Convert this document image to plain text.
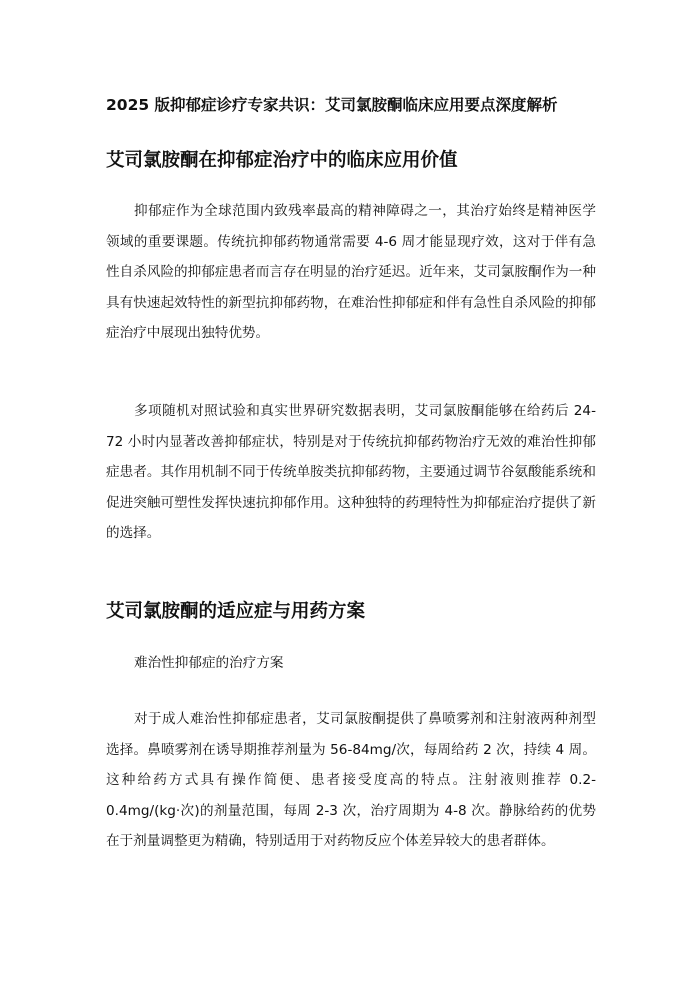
2025 版抑郁症诊疗专家共识：艾司氯胺酮临床应用要点深度解析
艾司氯胺酮在抑郁症治疗中的临床应用价值

抑郁症作为全球范围内致残率最高的精神障碍之一，其治疗始终是精神医学领域的重要课题。传统抗抑郁药物通常需要 4-6 周才能显现疗效，这对于伴有急性自杀风险的抑郁症患者而言存在明显的治疗延迟。近年来，艾司氯胺酮作为一种具有快速起效特性的新型抗抑郁药物，在难治性抑郁症和伴有急性自杀风险的抑郁症治疗中展现出独特优势。

多项随机对照试验和真实世界研究数据表明，艾司氯胺酮能够在给药后 24-72 小时内显著改善抑郁症状，特别是对于传统抗抑郁药物治疗无效的难治性抑郁症患者。其作用机制不同于传统单胺类抗抑郁药物，主要通过调节谷氨酸能系统和促进突触可塑性发挥快速抗抑郁作用。这种独特的药理特性为抑郁症治疗提供了新的选择。

艾司氯胺酮的适应症与用药方案
难治性抑郁症的治疗方案

对于成人难治性抑郁症患者，艾司氯胺酮提供了鼻喷雾剂和注射液两种剂型选择。鼻喷雾剂在诱导期推荐剂量为 56-84mg/次，每周给药 2 次，持续 4 周。这种给药方式具有操作简便、患者接受度高的特点。注射液则推荐 0.2-0.4mg/(kg·次)的剂量范围，每周 2-3 次，治疗周期为 4-8 次。静脉给药的优势在于剂量调整更为精确，特别适用于对药物反应个体差异较大的患者群体。
